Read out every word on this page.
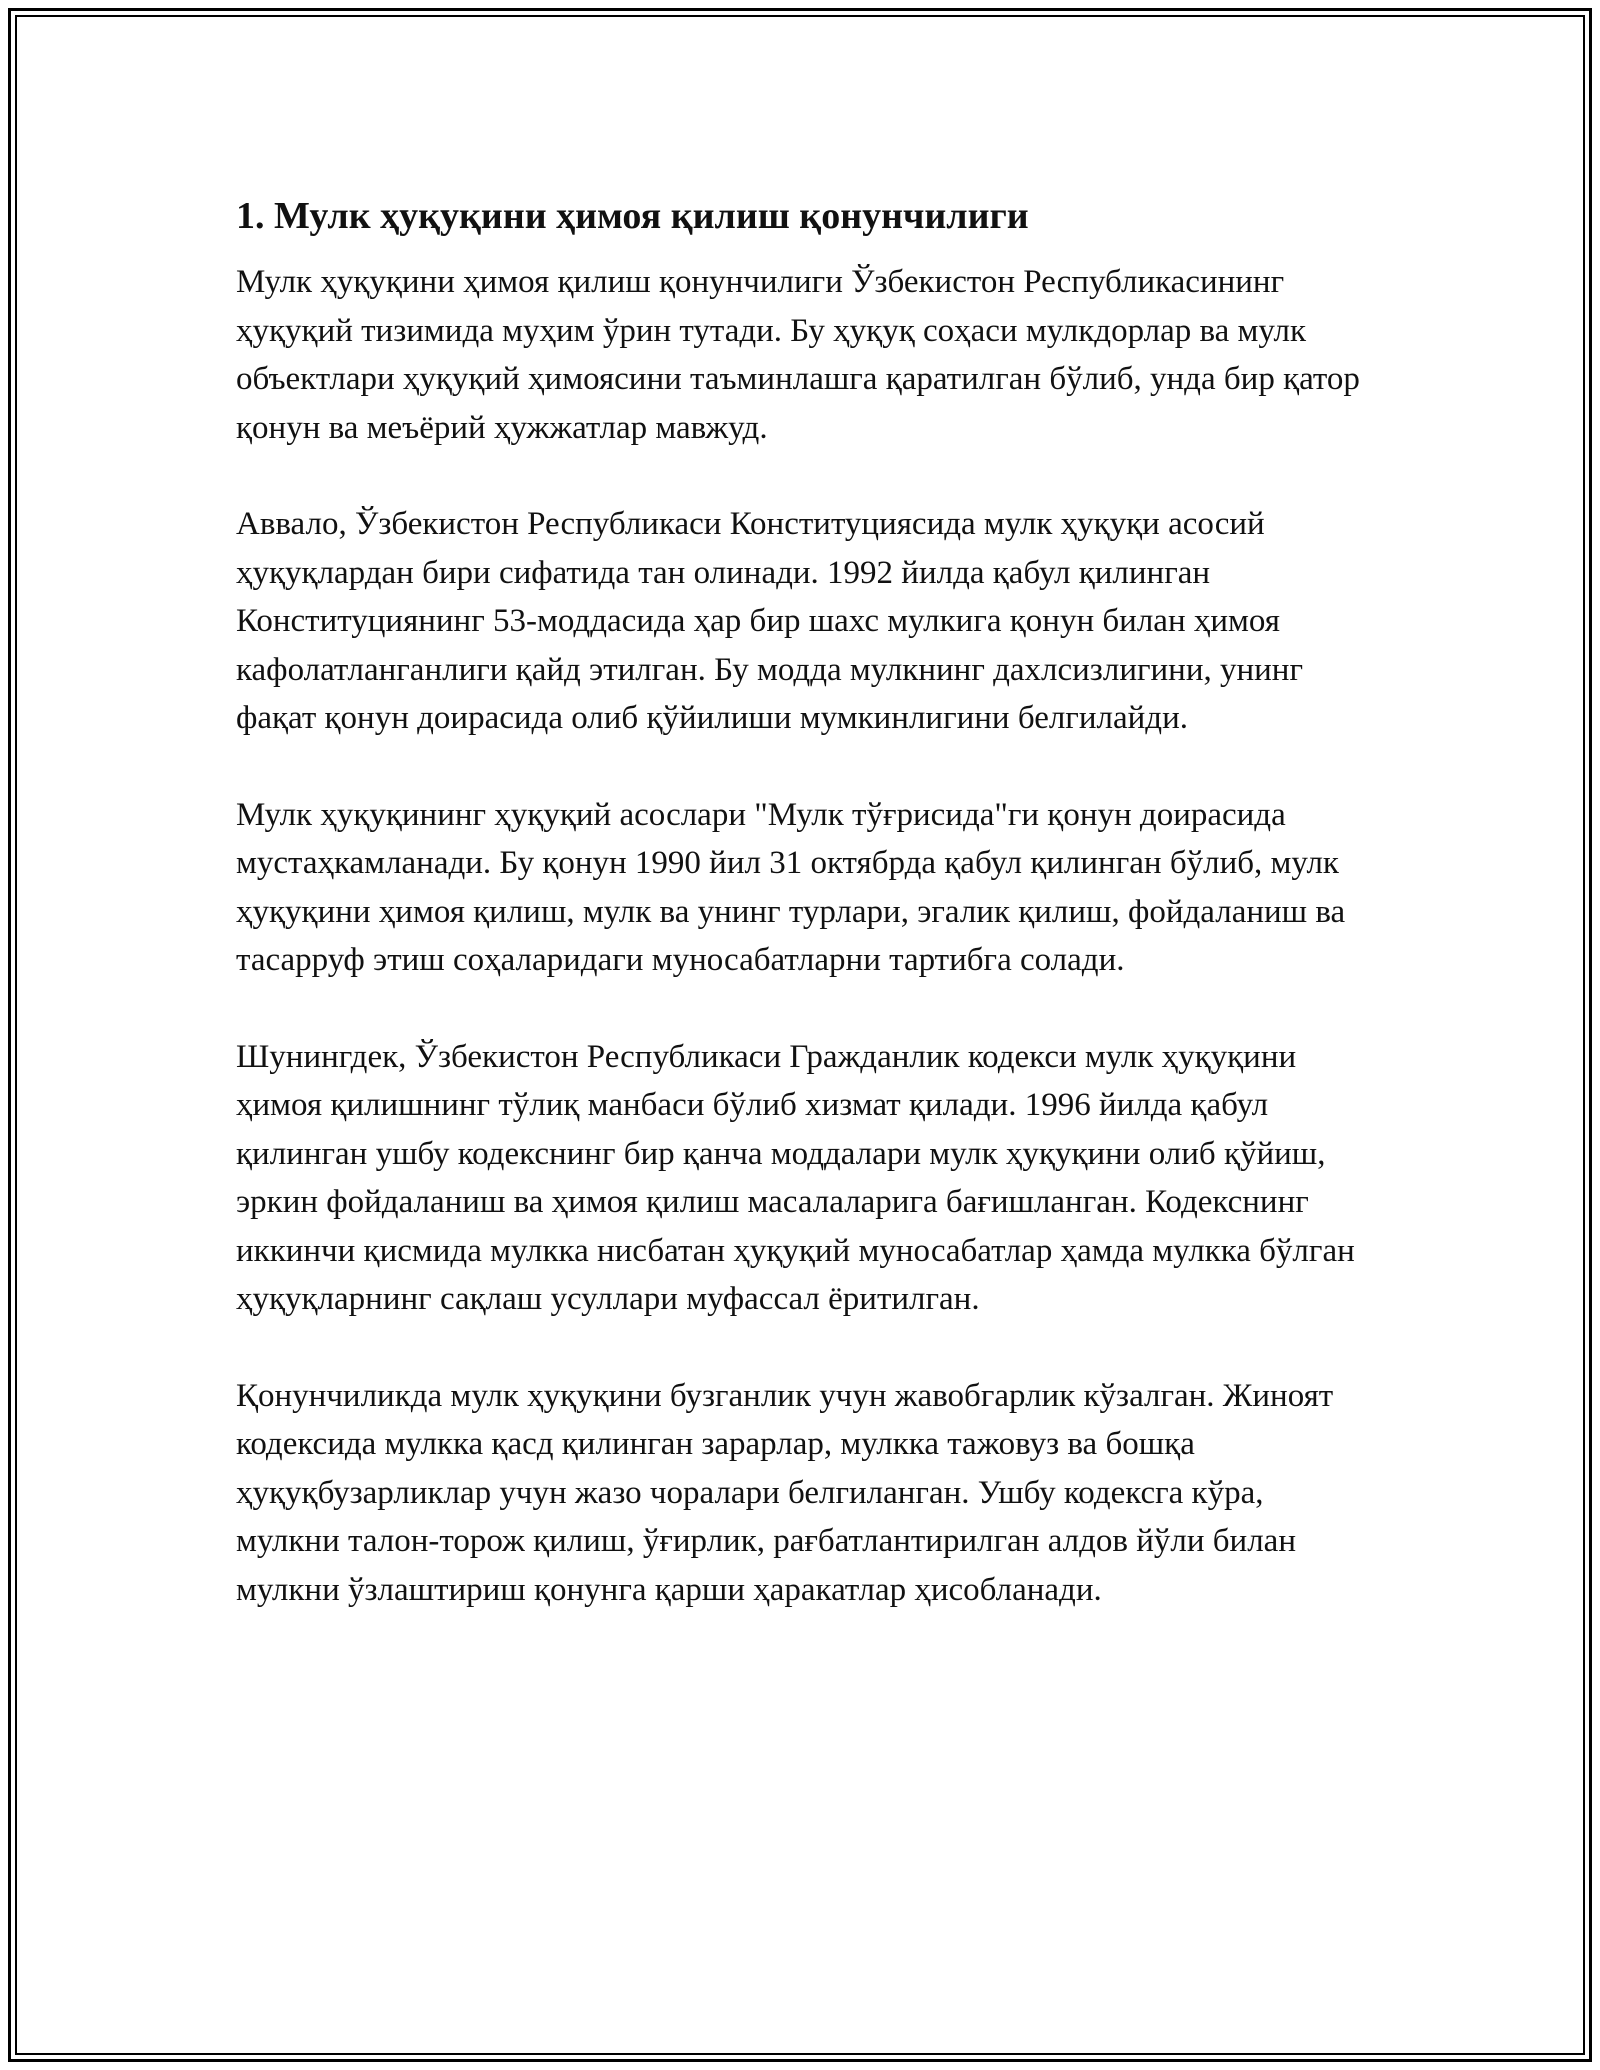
1. Мулк ҳуқуқини ҳимоя қилиш қонунчилиги

Мулк ҳуқуқини ҳимоя қилиш қонунчилиги Ўзбекистон Республикасининг ҳуқуқий тизимида муҳим ўрин тутади. Бу ҳуқуқ соҳаси мулкдорлар ва мулк объектлари ҳуқуқий ҳимоясини таъминлашга қаратилган бўлиб, унда бир қатор қонун ва меъёрий ҳужжатлар мавжуд.

Аввало, Ўзбекистон Республикаси Конституциясида мулк ҳуқуқи асосий ҳуқуқлардан бири сифатида тан олинади. 1992 йилда қабул қилинган Конституциянинг 53-моддасида ҳар бир шахс мулкига қонун билан ҳимоя кафолатланганлиги қайд этилган. Бу модда мулкнинг дахлсизлигини, унинг фақат қонун доирасида олиб қўйилиши мумкинлигини белгилайди.

Мулк ҳуқуқининг ҳуқуқий асослари "Мулк тўғрисида"ги қонун доирасида мустаҳкамланади. Бу қонун 1990 йил 31 октябрда қабул қилинган бўлиб, мулк ҳуқуқини ҳимоя қилиш, мулк ва унинг турлари, эгалик қилиш, фойдаланиш ва тасарруф этиш соҳаларидаги муносабатларни тартибга солади.

Шунингдек, Ўзбекистон Республикаси Гражданлик кодекси мулк ҳуқуқини ҳимоя қилишнинг тўлиқ манбаси бўлиб хизмат қилади. 1996 йилда қабул қилинган ушбу кодекснинг бир қанча моддалари мулк ҳуқуқини олиб қўйиш, эркин фойдаланиш ва ҳимоя қилиш масалаларига бағишланган. Кодекснинг иккинчи қисмида мулкка нисбатан ҳуқуқий муносабатлар ҳамда мулкка бўлган ҳуқуқларнинг сақлаш усуллари муфассал ёритилган.

Қонунчиликда мулк ҳуқуқини бузганлик учун жавобгарлик кўзалган. Жиноят кодексида мулкка қасд қилинган зарарлар, мулкка тажовуз ва бошқа ҳуқуқбузарликлар учун жазо чоралари белгиланган. Ушбу кодексга кўра, мулкни талон-торож қилиш, ўғирлик, рағбатлантирилган алдов йўли билан мулкни ўзлаштириш қонунга қарши ҳаракатлар ҳисобланади.
